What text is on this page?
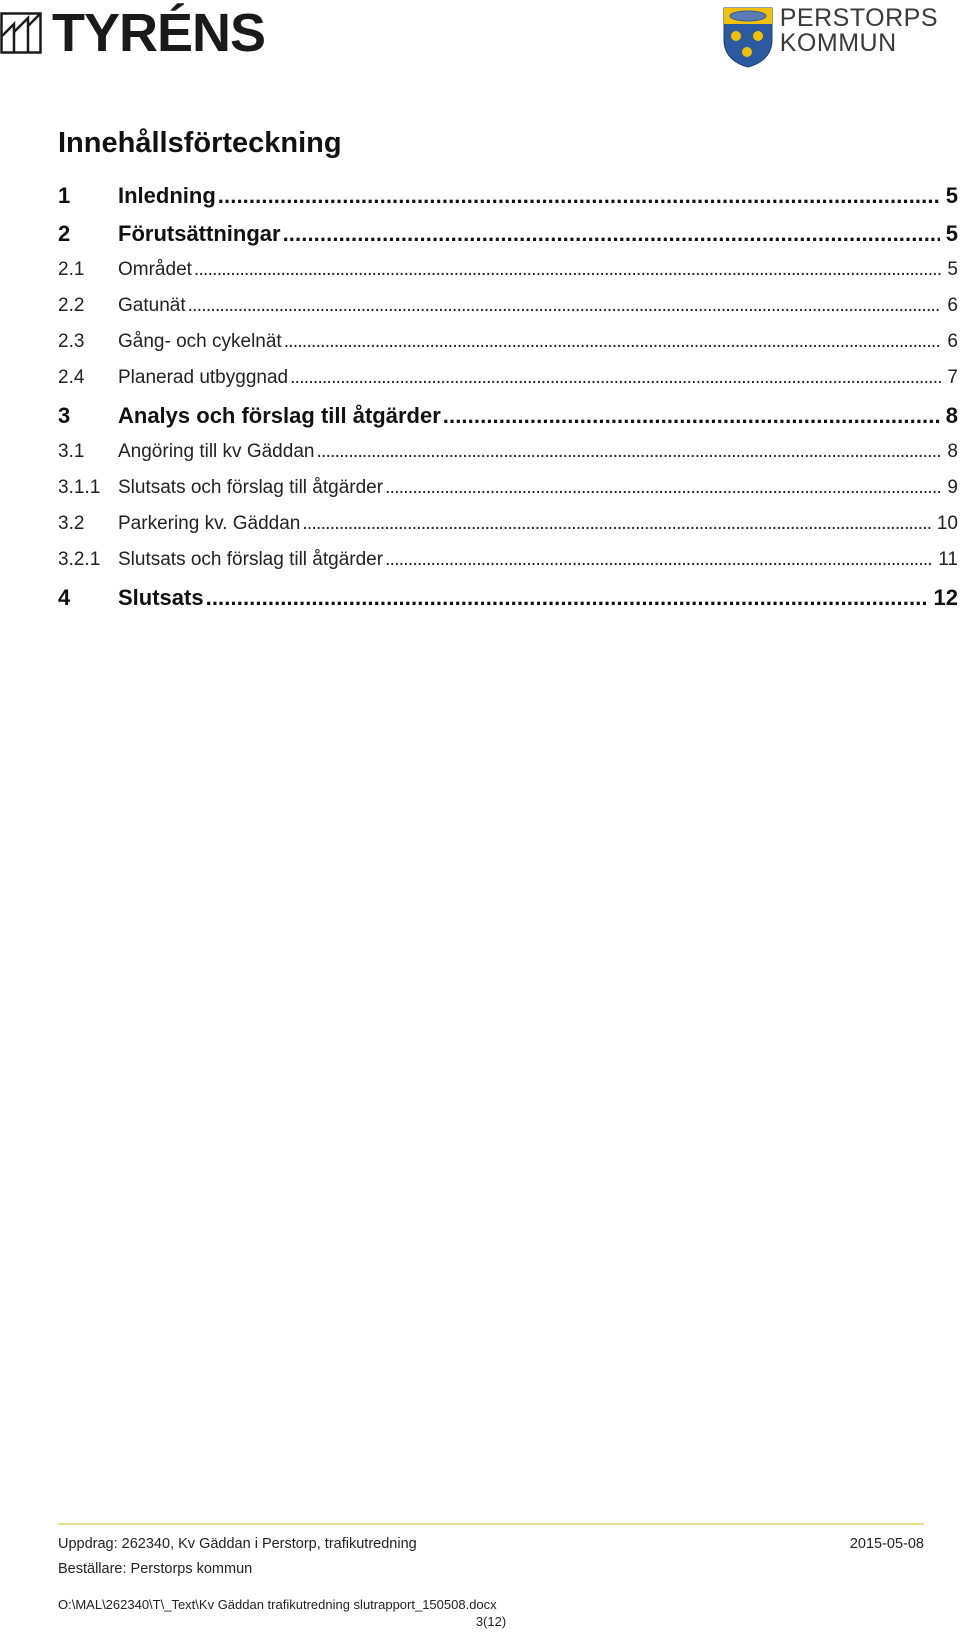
TYRÉNS	PERSTORPS
KOMMUN
Innehållsförteckning
1	Inledning . . .	5
2	Förutsättningar . . .	5
2.1	Området . . .	5
2.2	Gatunät . . .	6
2.3	Gång- och cykelnät . . .	6
2.4	Planerad utbyggnad . . .	7
3	Analys och förslag till åtgärder . . .	8
3.1	Angöring till kv Gäddan . . .	8
3.1.1 Slutsats och förslag till åtgärder . . .	9
3.2	Parkering kv. Gäddan . . .	10
3.2.1 Slutsats och förslag till åtgärder . . .	11
4	Slutsats . . .	12
Uppdrag: 262340, Kv Gäddan i Perstorp, trafikutredning	2015-05-08
Beställare: Perstorps kommun
O:\MAL\262340\T\_Text\Kv Gäddan trafikutredning slutrapport_150508.docx
3(12)
